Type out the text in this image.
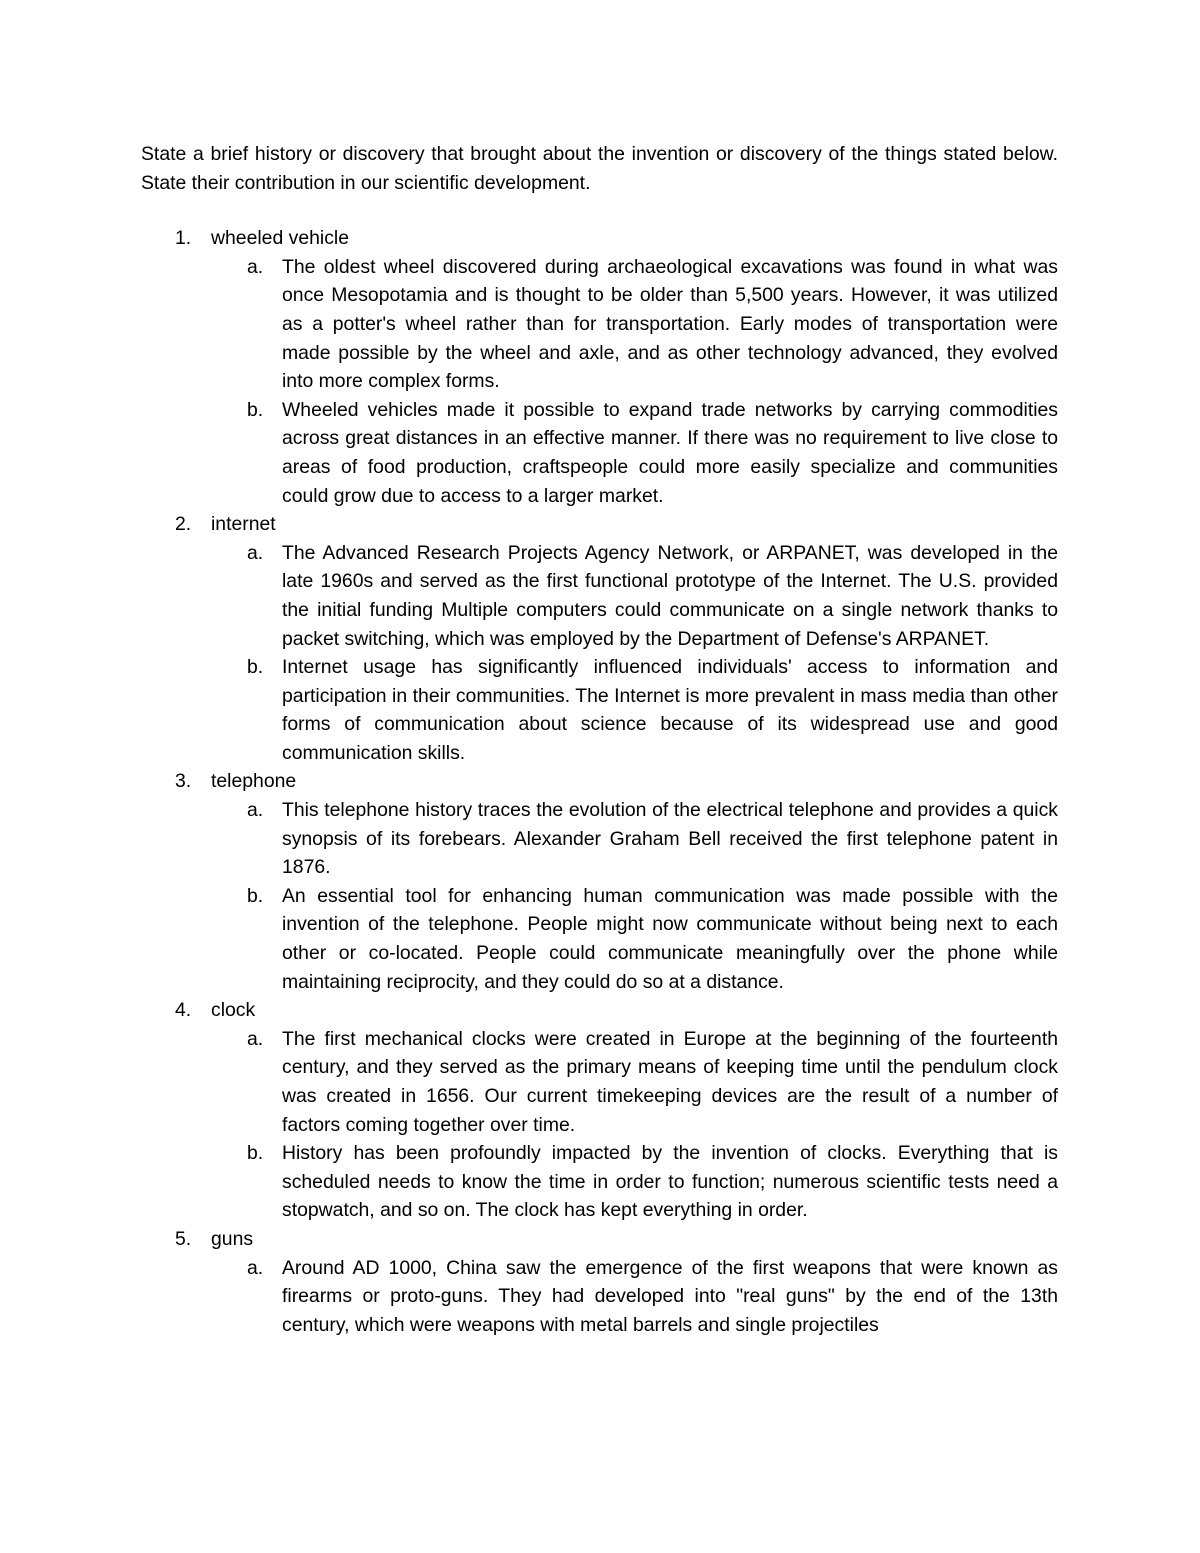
State a brief history or discovery that brought about the invention or discovery of the things stated below. State their contribution in our scientific development.

1. wheeled vehicle
a. The oldest wheel discovered during archaeological excavations was found in what was once Mesopotamia and is thought to be older than 5,500 years. However, it was utilized as a potter's wheel rather than for transportation. Early modes of transportation were made possible by the wheel and axle, and as other technology advanced, they evolved into more complex forms.
b. Wheeled vehicles made it possible to expand trade networks by carrying commodities across great distances in an effective manner. If there was no requirement to live close to areas of food production, craftspeople could more easily specialize and communities could grow due to access to a larger market.
2. internet
a. The Advanced Research Projects Agency Network, or ARPANET, was developed in the late 1960s and served as the first functional prototype of the Internet. The U.S. provided the initial funding Multiple computers could communicate on a single network thanks to packet switching, which was employed by the Department of Defense's ARPANET.
b. Internet usage has significantly influenced individuals' access to information and participation in their communities. The Internet is more prevalent in mass media than other forms of communication about science because of its widespread use and good communication skills.
3. telephone
a. This telephone history traces the evolution of the electrical telephone and provides a quick synopsis of its forebears. Alexander Graham Bell received the first telephone patent in 1876.
b. An essential tool for enhancing human communication was made possible with the invention of the telephone. People might now communicate without being next to each other or co-located. People could communicate meaningfully over the phone while maintaining reciprocity, and they could do so at a distance.
4. clock
a. The first mechanical clocks were created in Europe at the beginning of the fourteenth century, and they served as the primary means of keeping time until the pendulum clock was created in 1656. Our current timekeeping devices are the result of a number of factors coming together over time.
b. History has been profoundly impacted by the invention of clocks. Everything that is scheduled needs to know the time in order to function; numerous scientific tests need a stopwatch, and so on. The clock has kept everything in order.
5. guns
a. Around AD 1000, China saw the emergence of the first weapons that were known as firearms or proto-guns. They had developed into "real guns" by the end of the 13th century, which were weapons with metal barrels and single projectiles
